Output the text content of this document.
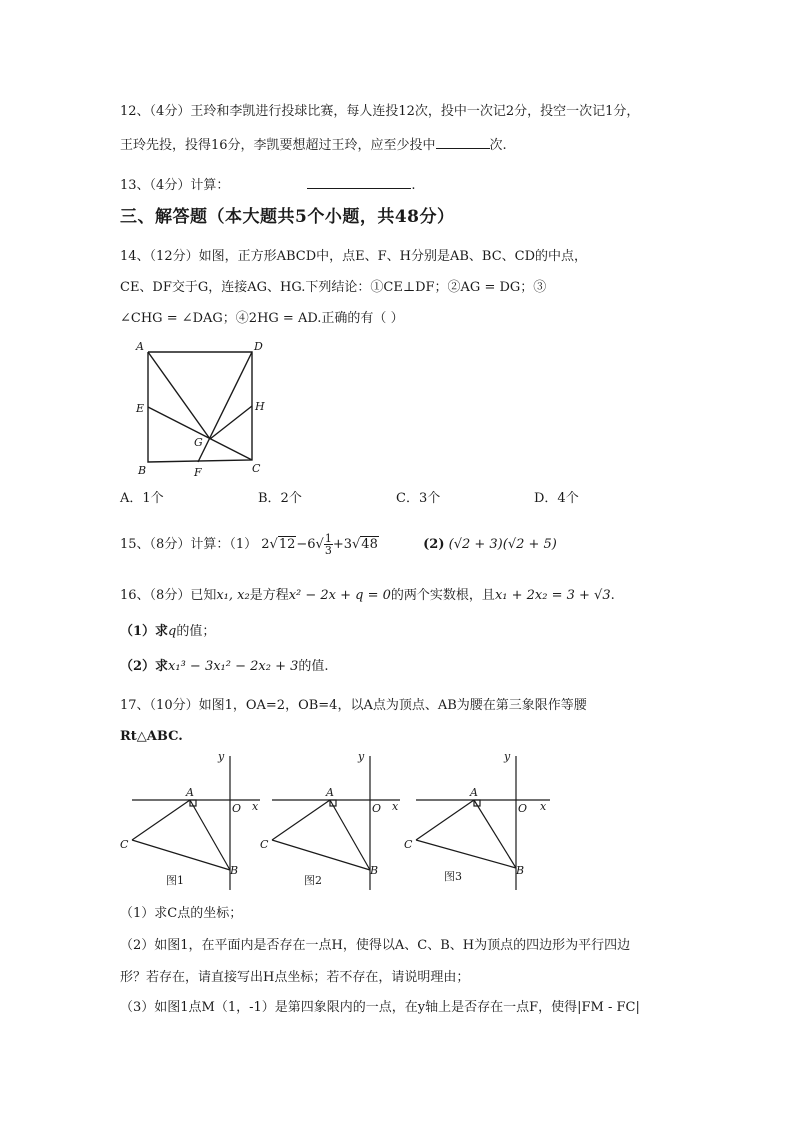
12、（4分）王玲和李凯进行投球比赛，每人连投12次，投中一次记2分，投空一次记1分，
王玲先投，投得16分，李凯要想超过王玲，应至少投中	次.
13、（4分）计算：	.
三、解答题（本大题共5个小题，共48分）
14、（12分）如图，正方形ABCD中，点E、F、H分别是AB、BC、CD的中点，
CE、DF交于G，连接AG、HG.下列结论：①CE⊥DF；②AG = DG；③
∠CHG = ∠DAG；④2HG = AD.正确的有（ ）
A	D
E	H
G
B	F	C
A．1个	B．2个	C．3个	D．4个
15、（8分）计算：（1） $2√12-6√ \frac{1}{3} +3√48$	(2) (√2 + 3)(√2 + 5)
16、（8分）已知x₁, x₂是方程x² − 2x + q = 0的两个实数根，且x₁ + 2x₂ = 3 + √3.
（1）求q的值；
（2）求x₁³ − 3x₁² − 2x₂ + 3的值.
17、（10分）如图1，OA=2，OB=4，以A点为顶点、AB为腰在第三象限作等腰
Rt△ABC.
y
A
O x
C
B
图1
y
A
O x
C
B
图2
y
A
O x
C
B
图3
（1）求C点的坐标；
（2）如图1，在平面内是否存在一点H，使得以A、C、B、H为顶点的四边形为平行四边
形？若存在，请直接写出H点坐标；若不存在，请说明理由；
（3）如图1点M（1，-1）是第四象限内的一点，在y轴上是否存在一点F，使得|FM - FC|
